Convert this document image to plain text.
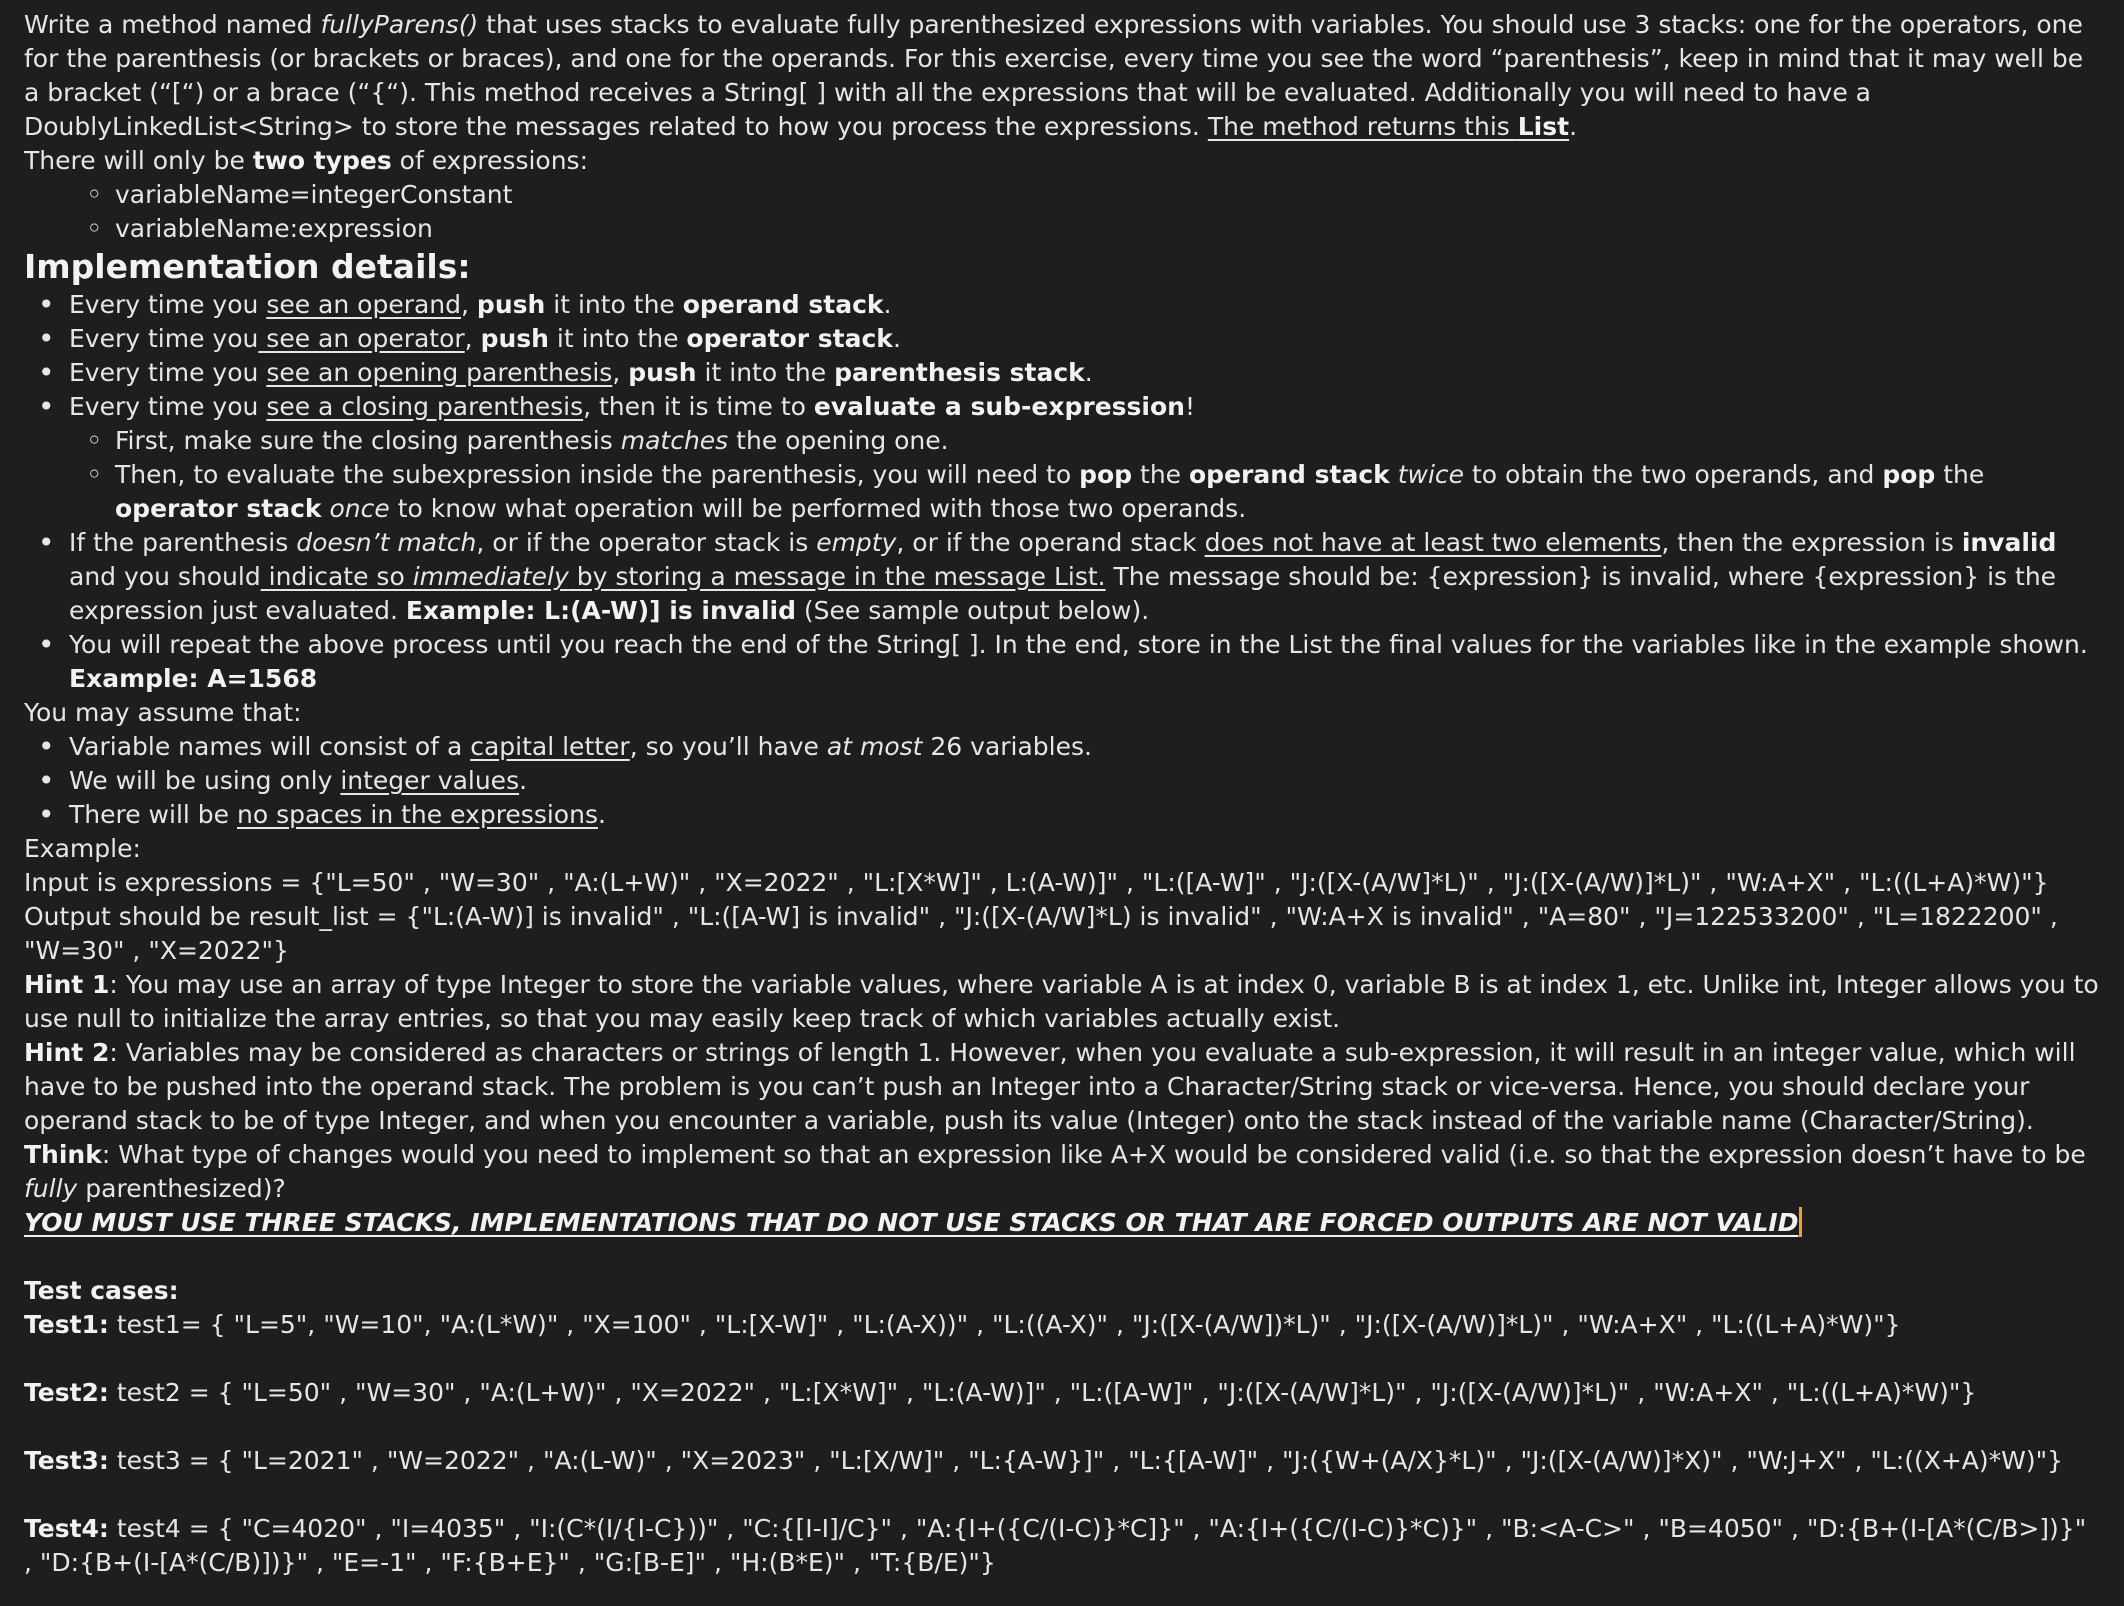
Write a method named fullyParens() that uses stacks to evaluate fully parenthesized expressions with variables. You should use 3 stacks: one for the operators, one for the parenthesis (or brackets or braces), and one for the operands. For this exercise, every time you see the word “parenthesis”, keep in mind that it may well be a bracket (“[“) or a brace (“{“). This method receives a String[ ] with all the expressions that will be evaluated. Additionally you will need to have a DoublyLinkedList<String> to store the messages related to how you process the expressions. The method returns this List.

There will only be two types of expressions:

◦ variableName=integerConstant
◦ variableName:expression
Implementation details:
• Every time you see an operand, push it into the operand stack.
• Every time you see an operator, push it into the operator stack.
• Every time you see an opening parenthesis, push it into the parenthesis stack.
• Every time you see a closing parenthesis, then it is time to evaluate a sub-expression!
◦ First, make sure the closing parenthesis matches the opening one.
◦ Then, to evaluate the subexpression inside the parenthesis, you will need to pop the operand stack twice to obtain the two operands, and pop the operator stack once to know what operation will be performed with those two operands.
• If the parenthesis doesn’t match, or if the operator stack is empty, or if the operand stack does not have at least two elements, then the expression is invalid and you should indicate so immediately by storing a message in the message List. The message should be: {expression} is invalid, where {expression} is the expression just evaluated. Example: L:(A-W)] is invalid (See sample output below).
• You will repeat the above process until you reach the end of the String[ ]. In the end, store in the List the final values for the variables like in the example shown. Example: A=1568

You may assume that:

• Variable names will consist of a capital letter, so you’ll have at most 26 variables.
• We will be using only integer values.
• There will be no spaces in the expressions.

Example:

Input is expressions = {"L=50" , "W=30" , "A:(L+W)" , "X=2022" , "L:[X*W]" , L:(A-W)]" , "L:([A-W]" , "J:([X-(A/W]*L)" , "J:([X-(A/W)]*L)" , "W:A+X" , "L:((L+A)*W)"}

Output should be result_list = {"L:(A-W)] is invalid" , "L:([A-W] is invalid" , "J:([X-(A/W]*L) is invalid" , "W:A+X is invalid" , "A=80" , "J=122533200" , "L=1822200" , "W=30" , "X=2022"}

Hint 1: You may use an array of type Integer to store the variable values, where variable A is at index 0, variable B is at index 1, etc. Unlike int, Integer allows you to use null to initialize the array entries, so that you may easily keep track of which variables actually exist.

Hint 2: Variables may be considered as characters or strings of length 1. However, when you evaluate a sub-expression, it will result in an integer value, which will have to be pushed into the operand stack. The problem is you can’t push an Integer into a Character/String stack or vice-versa. Hence, you should declare your operand stack to be of type Integer, and when you encounter a variable, push its value (Integer) onto the stack instead of the variable name (Character/String).

Think: What type of changes would you need to implement so that an expression like A+X would be considered valid (i.e. so that the expression doesn’t have to be fully parenthesized)?

YOU MUST USE THREE STACKS, IMPLEMENTATIONS THAT DO NOT USE STACKS OR THAT ARE FORCED OUTPUTS ARE NOT VALID

Test cases:

Test1: test1= { "L=5", "W=10", "A:(L*W)" , "X=100" , "L:[X-W]" , "L:(A-X))" , "L:((A-X)" , "J:([X-(A/W])*L)" , "J:([X-(A/W)]*L)" , "W:A+X" , "L:((L+A)*W)"}

Test2: test2 = { "L=50" , "W=30" , "A:(L+W)" , "X=2022" , "L:[X*W]" , "L:(A-W)]" , "L:([A-W]" , "J:([X-(A/W]*L)" , "J:([X-(A/W)]*L)" , "W:A+X" , "L:((L+A)*W)"}

Test3: test3 = { "L=2021" , "W=2022" , "A:(L-W)" , "X=2023" , "L:[X/W]" , "L:{A-W}]" , "L:{[A-W]" , "J:({W+(A/X}*L)" , "J:([X-(A/W)]*X)" , "W:J+X" , "L:((X+A)*W)"}

Test4: test4 = { "C=4020" , "I=4035" , "I:(C*(I/{I-C}))" , "C:{[I-I]/C}" , "A:{I+({C/(I-C)}*C]}" , "A:{I+({C/(I-C)}*C)}" , "B:<A-C>" , "B=4050" , "D:{B+(I-[A*(C/B>])}" , "D:{B+(I-[A*(C/B)])}" , "E=-1" , "F:{B+E}" , "G:[B-E]" , "H:(B*E)" , "T:{B/E)"}
